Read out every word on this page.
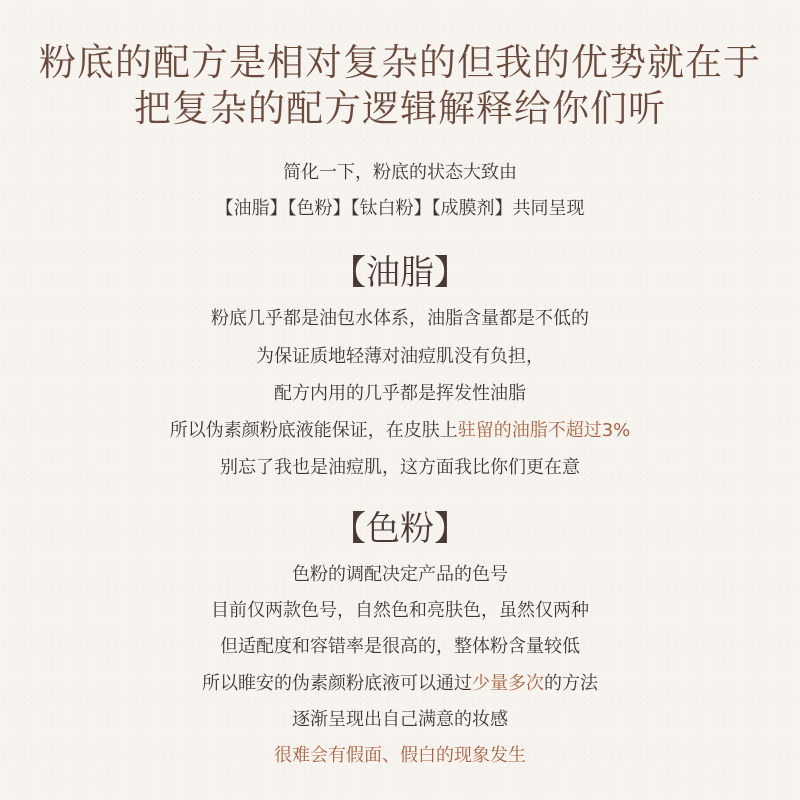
粉底的配方是相对复杂的但我的优势就在于
把复杂的配方逻辑解释给你们听
简化一下，粉底的状态大致由
【油脂】【色粉】【钛白粉】【成膜剂】共同呈现
【油脂】
粉底几乎都是油包水体系，油脂含量都是不低的
为保证质地轻薄对油痘肌没有负担，
配方内用的几乎都是挥发性油脂
所以伪素颜粉底液能保证，在皮肤上驻留的油脂不超过3%
别忘了我也是油痘肌，这方面我比你们更在意
【色粉】
色粉的调配决定产品的色号
目前仅两款色号，自然色和亮肤色，虽然仅两种
但适配度和容错率是很高的，整体粉含量较低
所以睢安的伪素颜粉底液可以通过少量多次的方法
逐渐呈现出自己满意的妆感
很难会有假面、假白的现象发生
